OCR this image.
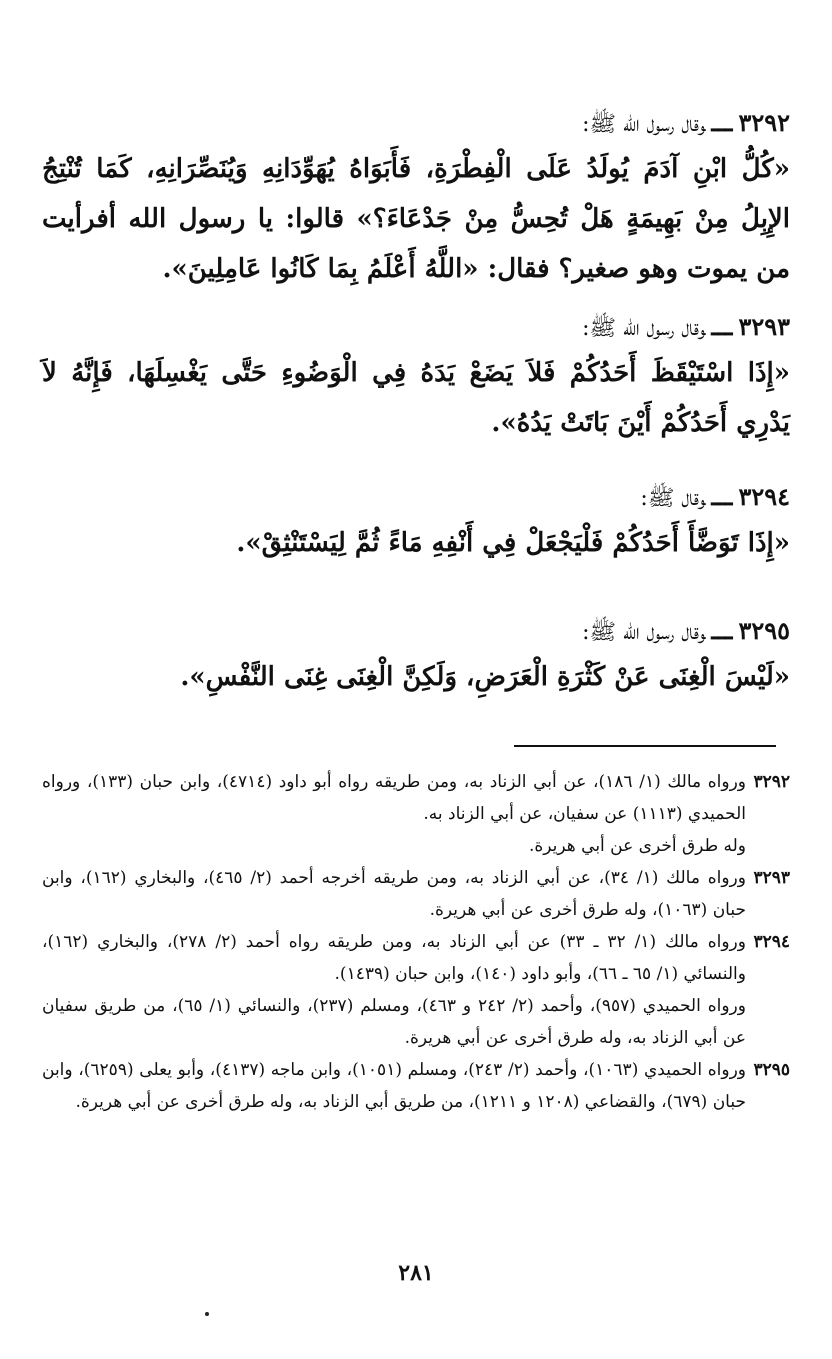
٣٢٩٢ـــوقال رسول الله ﷺ:
«كُلُّ ابْنِ آدَمَ يُولَدُ عَلَى الْفِطْرَةِ، فَأَبَوَاهُ يُهَوِّدَانِهِ وَيُنَصِّرَانِهِ، كَمَا تُنْتِجُ الإِبِلُ مِنْ بَهِيمَةٍ هَلْ تُحِسُّ مِنْ جَدْعَاءَ؟» قالوا: يا رسول الله أفرأيت من يموت وهو صغير؟ فقال: «اللَّهُ أَعْلَمُ بِمَا كَانُوا عَامِلِينَ».
٣٢٩٣ـــوقال رسول الله ﷺ:
«إِذَا اسْتَيْقَظَ أَحَدُكُمْ فَلاَ يَضَعْ يَدَهُ فِي الْوَضُوءِ حَتَّى يَغْسِلَهَا، فَإِنَّهُ لاَ يَدْرِي أَحَدُكُمْ أَيْنَ بَاتَتْ يَدُهُ».
٣٢٩٤ـــوقال ﷺ:
«إِذَا تَوَضَّأَ أَحَدُكُمْ فَلْيَجْعَلْ فِي أَنْفِهِ مَاءً ثُمَّ لِيَسْتَنْثِقْ».
٣٢٩٥ـــوقال رسول الله ﷺ:
«لَيْسَ الْغِنَى عَنْ كَثْرَةِ الْعَرَضِ، وَلَكِنَّ الْغِنَى غِنَى النَّفْسِ».
٣٢٩٢

ورواه مالك (١/ ١٨٦)، عن أبي الزناد به، ومن طريقه رواه أبو داود (٤٧١٤)، وابن حبان (١٣٣)، ورواه الحميدي (١١١٣) عن سفيان، عن أبي الزناد به.

وله طرق أخرى عن أبي هريرة.

٣٢٩٣

ورواه مالك (١/ ٣٤)، عن أبي الزناد به، ومن طريقه أخرجه أحمد (٢/ ٤٦٥)، والبخاري (١٦٢)، وابن حبان (١٠٦٣)، وله طرق أخرى عن أبي هريرة.

٣٢٩٤

ورواه مالك (١/ ٣٢ ـ ٣٣) عن أبي الزناد به، ومن طريقه رواه أحمد (٢/ ٢٧٨)، والبخاري (١٦٢)، والنسائي (١/ ٦٥ ـ ٦٦)، وأبو داود (١٤٠)، وابن حبان (١٤٣٩).

ورواه الحميدي (٩٥٧)، وأحمد (٢/ ٢٤٢ و ٤٦٣)، ومسلم (٢٣٧)، والنسائي (١/ ٦٥)، من طريق سفيان عن أبي الزناد به، وله طرق أخرى عن أبي هريرة.

٣٢٩٥

ورواه الحميدي (١٠٦٣)، وأحمد (٢/ ٢٤٣)، ومسلم (١٠٥١)، وابن ماجه (٤١٣٧)، وأبو يعلى (٦٢٥٩)، وابن حبان (٦٧٩)، والقضاعي (١٢٠٨ و ١٢١١)، من طريق أبي الزناد به، وله طرق أخرى عن أبي هريرة.

٢٨١
